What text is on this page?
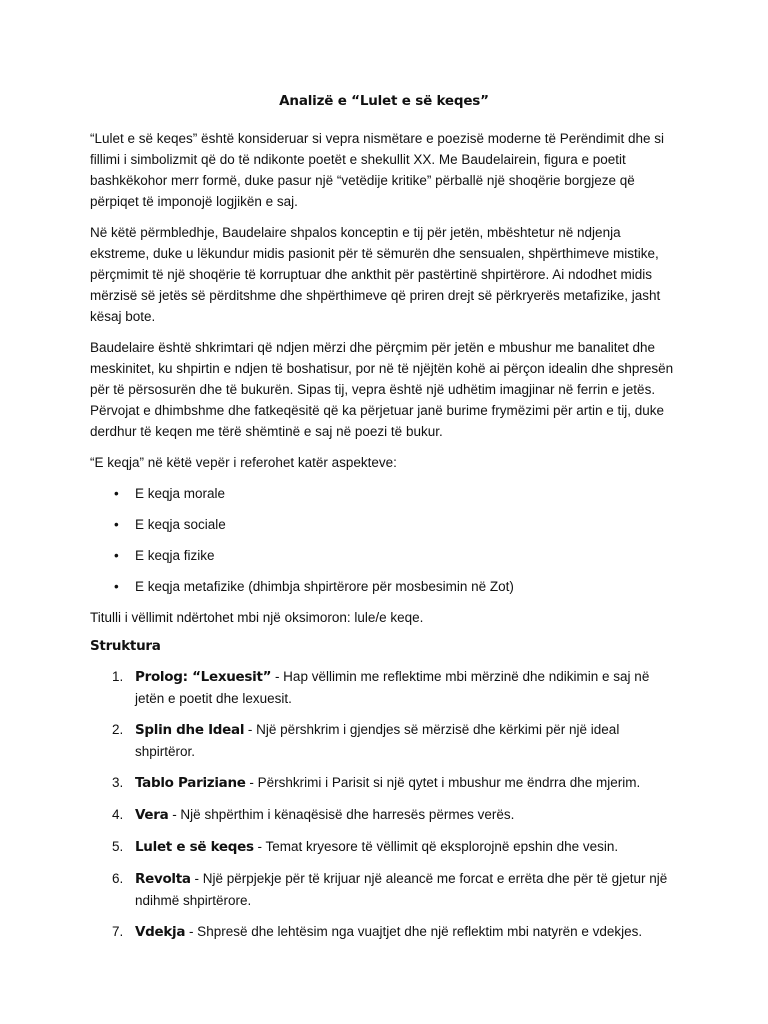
Analizë e “Lulet e së keqes”

“Lulet e së keqes” është konsideruar si vepra nismëtare e poezisë moderne të Perëndimit dhe si fillimi i simbolizmit që do të ndikonte poetët e shekullit XX. Me Baudelairein, figura e poetit bashkëkohor merr formë, duke pasur një “vetëdije kritike” përballë një shoqërie borgjeze që përpiqet të imponojë logjikën e saj.

Në këtë përmbledhje, Baudelaire shpalos konceptin e tij për jetën, mbështetur në ndjenja ekstreme, duke u lëkundur midis pasionit për të sëmurën dhe sensualen, shpërthimeve mistike, përçmimit të një shoqërie të korruptuar dhe ankthit për pastërtinë shpirtërore. Ai ndodhet midis mërzisë së jetës së përditshme dhe shpërthimeve që priren drejt së përkryerës metafizike, jasht kësaj bote.

Baudelaire është shkrimtari që ndjen mërzi dhe përçmim për jetën e mbushur me banalitet dhe meskinitet, ku shpirtin e ndjen të boshatisur, por në të njëjtën kohë ai përçon idealin dhe shpresën për të përsosurën dhe të bukurën. Sipas tij, vepra është një udhëtim imagjinar në ferrin e jetës. Përvojat e dhimbshme dhe fatkeqësitë që ka përjetuar janë burime frymëzimi për artin e tij, duke derdhur të keqen me tërë shëmtinë e saj në poezi të bukur.

“E keqja” në këtë vepër i referohet katër aspekteve:

• E keqja morale
• E keqja sociale
• E keqja fizike
• E keqja metafizike (dhimbja shpirtërore për mosbesimin në Zot)

Titulli i vëllimit ndërtohet mbi një oksimoron: lule/e keqe.

Struktura
1. Prolog: “Lexuesit” - Hap vëllimin me reflektime mbi mërzinë dhe ndikimin e saj në jetën e poetit dhe lexuesit.
2. Splin dhe Ideal - Një përshkrim i gjendjes së mërzisë dhe kërkimi për një ideal shpirtëror.
3. Tablo Pariziane - Përshkrimi i Parisit si një qytet i mbushur me ëndrra dhe mjerim.
4. Vera - Një shpërthim i kënaqësisë dhe harresës përmes verës.
5. Lulet e së keqes - Temat kryesore të vëllimit që eksplorojnë epshin dhe vesin.
6. Revolta - Një përpjekje për të krijuar një aleancë me forcat e errëta dhe për të gjetur një ndihmë shpirtërore.
7. Vdekja - Shpresë dhe lehtësim nga vuajtjet dhe një reflektim mbi natyrën e vdekjes.
